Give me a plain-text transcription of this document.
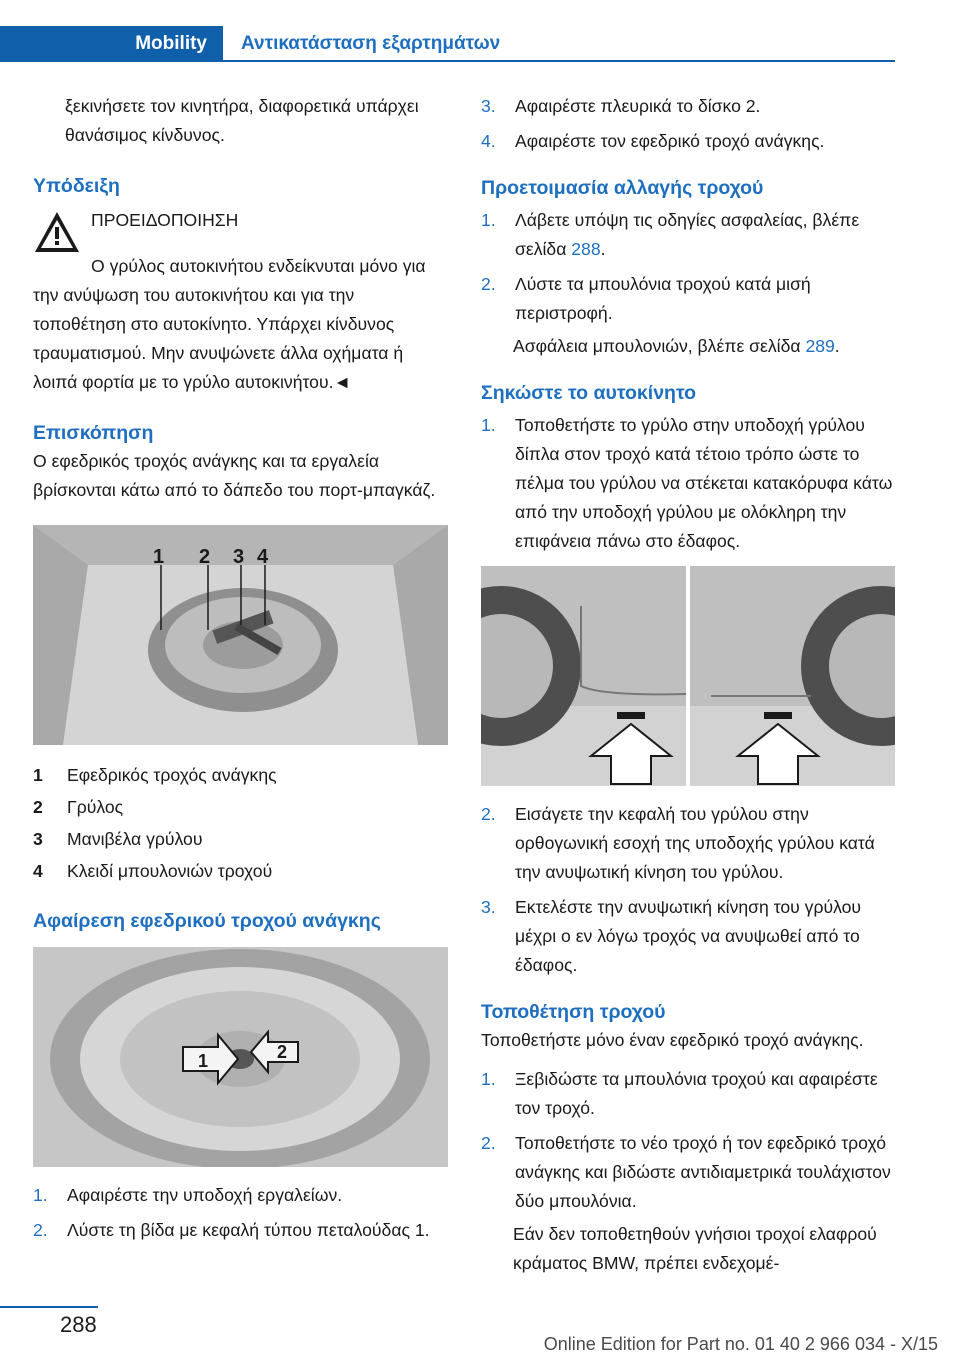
Mobility	Αντικατάσταση εξαρτημάτων

ξεκινήσετε τον κινητήρα, διαφορετικά υπάρχει θανάσιμος κίνδυνος.

Υπόδειξη

ΠΡΟΕΙΔΟΠΟΙΗΣΗ

Ο γρύλος αυτοκινήτου ενδείκνυται μόνο για την ανύψωση του αυτοκινήτου και για την τοποθέτηση στο αυτοκίνητο. Υπάρχει κίνδυνος τραυματισμού. Μην ανυψώνετε άλλα οχήματα ή λοιπά φορτία με το γρύλο αυτοκινήτου.◄

Επισκόπηση

Ο εφεδρικός τροχός ανάγκης και τα εργαλεία βρίσκονται κάτω από το δάπεδο του πορτ-μπαγκάζ.

1 2 3 4
1	Εφεδρικός τροχός ανάγκης
2	Γρύλος
3	Μανιβέλα γρύλου
4	Κλειδί μπουλονιών τροχού
Αφαίρεση εφεδρικού τροχού ανάγκης
1	2
1.	Αφαιρέστε την υποδοχή εργαλείων.
2.	Λύστε τη βίδα με κεφαλή τύπου πεταλούδας 1.
3.	Αφαιρέστε πλευρικά το δίσκο 2.
4.	Αφαιρέστε τον εφεδρικό τροχό ανάγκης.
Προετοιμασία αλλαγής τροχού
1.	Λάβετε υπόψη τις οδηγίες ασφαλείας, βλέπε σελίδα 288.
2.	Λύστε τα μπουλόνια τροχού κατά μισή περιστροφή.

Ασφάλεια μπουλονιών, βλέπε σελίδα 289.

Σηκώστε το αυτοκίνητο
1.	Τοποθετήστε το γρύλο στην υποδοχή γρύλου δίπλα στον τροχό κατά τέτοιο τρόπο ώστε το πέλμα του γρύλου να στέκεται κατακόρυφα κάτω από την υποδοχή γρύλου με ολόκληρη την επιφάνεια πάνω στο έδαφος.
2.	Εισάγετε την κεφαλή του γρύλου στην ορθογωνική εσοχή της υποδοχής γρύλου κατά την ανυψωτική κίνηση του γρύλου.
3.	Εκτελέστε την ανυψωτική κίνηση του γρύλου μέχρι ο εν λόγω τροχός να ανυψωθεί από το έδαφος.
Τοποθέτηση τροχού

Τοποθετήστε μόνο έναν εφεδρικό τροχό ανάγκης.

1.	Ξεβιδώστε τα μπουλόνια τροχού και αφαιρέστε τον τροχό.
2.	Τοποθετήστε το νέο τροχό ή τον εφεδρικό τροχό ανάγκης και βιδώστε αντιδιαμετρικά τουλάχιστον δύο μπουλόνια.

Εάν δεν τοποθετηθούν γνήσιοι τροχοί ελαφρού κράματος BMW, πρέπει ενδεχομέ-

288
Online Edition for Part no. 01 40 2 966 034 - X/15
